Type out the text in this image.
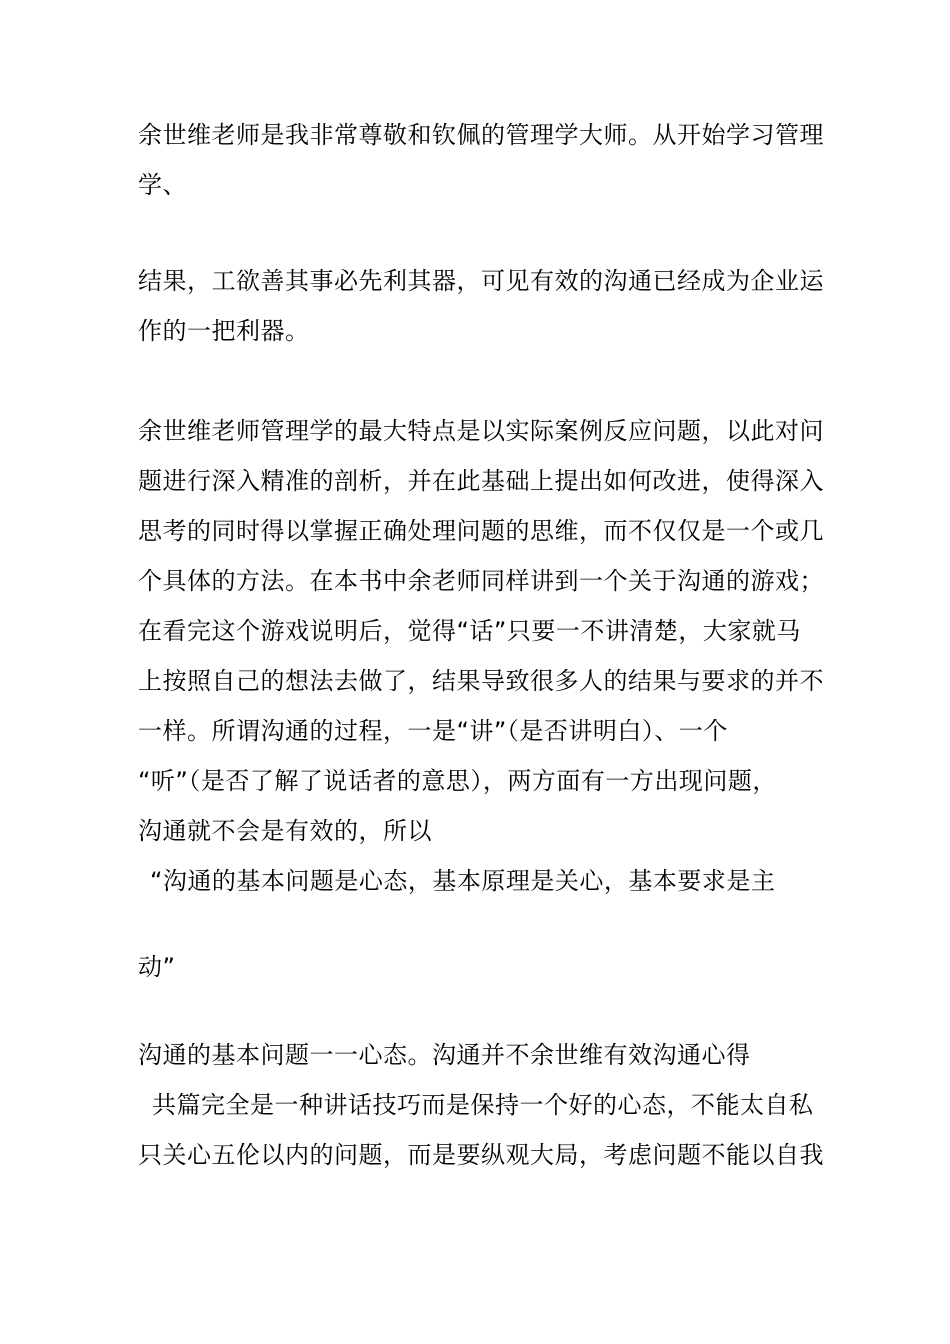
余世维老师是我非常尊敬和钦佩的管理学大师。从开始学习管理
学、
结果，工欲善其事必先利其器，可见有效的沟通已经成为企业运
作的一把利器。
余世维老师管理学的最大特点是以实际案例反应问题，以此对问
题进行深入精准的剖析，并在此基础上提出如何改进，使得深入
思考的同时得以掌握正确处理问题的思维，而不仅仅是一个或几
个具体的方法。在本书中余老师同样讲到一个关于沟通的游戏；
在看完这个游戏说明后，觉得“话”只要一不讲清楚，大家就马
上按照自己的想法去做了，结果导致很多人的结果与要求的并不
一样。所谓沟通的过程，一是“讲”（是否讲明白）、一个
“听”（是否了解了说话者的意思），两方面有一方出现问题，
沟通就不会是有效的，所以
“沟通的基本问题是心态，基本原理是关心，基本要求是主
动”
沟通的基本问题一一心态。沟通并不余世维有效沟通心得
共篇完全是一种讲话技巧而是保持一个好的心态，不能太自私
只关心五伦以内的问题，而是要纵观大局，考虑问题不能以自我
